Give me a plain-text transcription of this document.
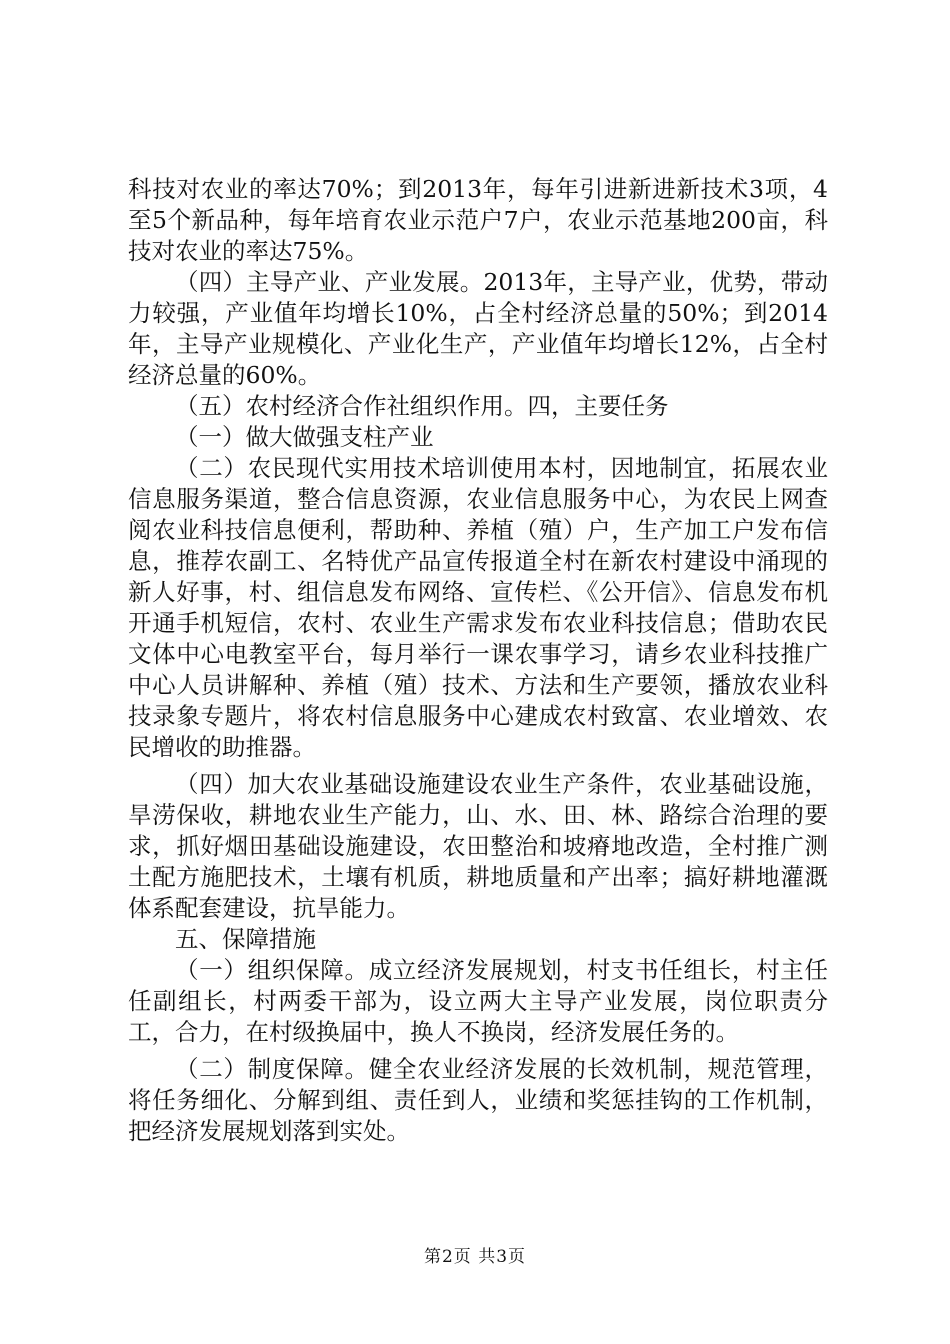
科技对农业的率达70%；到2013年，每年引进新进新技术3项，4至5个新品种，每年培育农业示范户7户，农业示范基地200亩，科技对农业的率达75%。

（四）主导产业、产业发展。2013年，主导产业，优势，带动力较强，产业值年均增长10%，占全村经济总量的50%；到2014年，主导产业规模化、产业化生产，产业值年均增长12%，占全村经济总量的60%。

（五）农村经济合作社组织作用。四，主要任务

（一）做大做强支柱产业

（二）农民现代实用技术培训使用本村，因地制宜，拓展农业信息服务渠道，整合信息资源，农业信息服务中心，为农民上网查阅农业科技信息便利，帮助种、养植（殖）户，生产加工户发布信息，推荐农副工、名特优产品宣传报道全村在新农村建设中涌现的新人好事，村、组信息发布网络、宣传栏、《公开信》、信息发布机开通手机短信，农村、农业生产需求发布农业科技信息；借助农民文体中心电教室平台，每月举行一课农事学习，请乡农业科技推广中心人员讲解种、养植（殖）技术、方法和生产要领，播放农业科技录象专题片，将农村信息服务中心建成农村致富、农业增效、农民增收的助推器。

（四）加大农业基础设施建设农业生产条件，农业基础设施，旱涝保收，耕地农业生产能力，山、水、田、林、路综合治理的要求，抓好烟田基础设施建设，农田整治和坡瘠地改造，全村推广测土配方施肥技术，土壤有机质，耕地质量和产出率；搞好耕地灌溉体系配套建设，抗旱能力。

五、保障措施

（一）组织保障。成立经济发展规划，村支书任组长，村主任任副组长，村两委干部为，设立两大主导产业发展，岗位职责分工，合力，在村级换届中，换人不换岗，经济发展任务的。

（二）制度保障。健全农业经济发展的长效机制，规范管理，将任务细化、分解到组、责任到人，业绩和奖惩挂钩的工作机制，把经济发展规划落到实处。

第2页 共3页
